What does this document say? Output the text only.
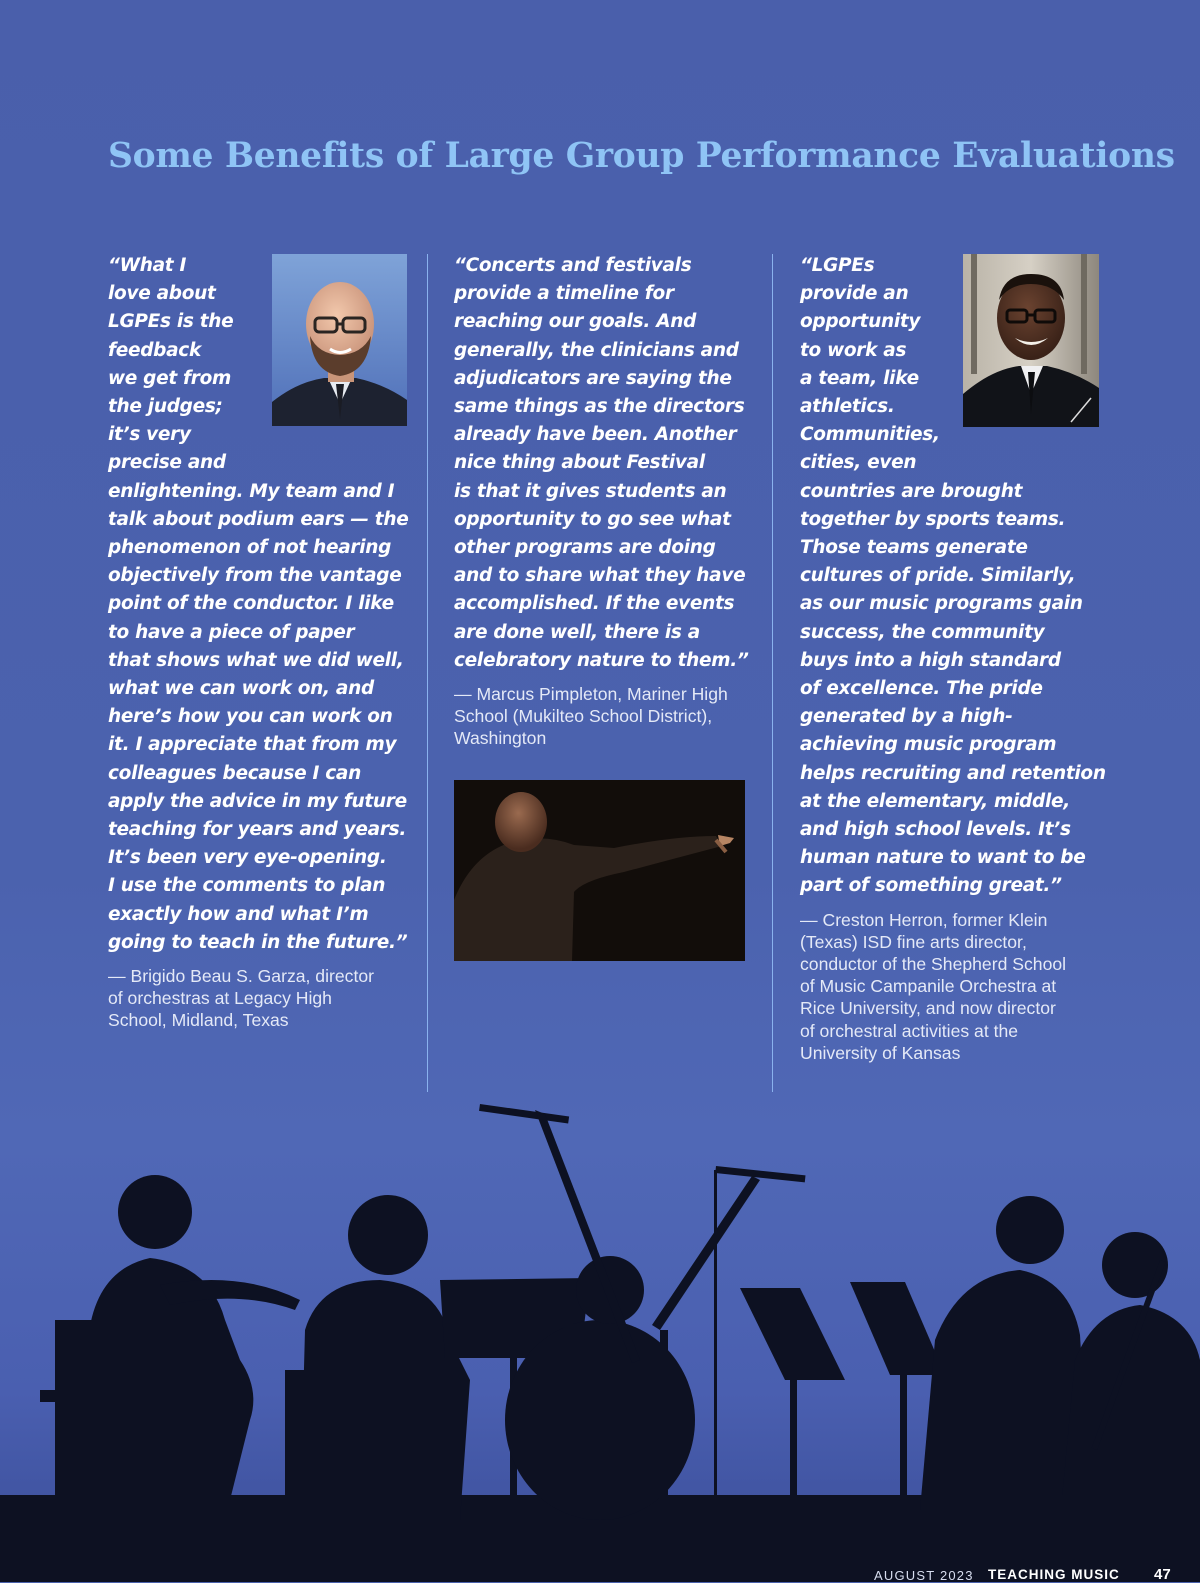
Some Benefits of Large Group Performance Evaluations
“What I
love about
LGPEs is the
feedback
we get from
the judges;
it’s very
precise and
enlightening. My team and I
talk about podium ears — the
phenomenon of not hearing
objectively from the vantage
point of the conductor. I like
to have a piece of paper
that shows what we did well,
what we can work on, and
here’s how you can work on
it. I appreciate that from my
colleagues because I can
apply the advice in my future
teaching for years and years.
It’s been very eye-opening.
I use the comments to plan
exactly how and what I’m
going to teach in the future.”
— Brigido Beau S. Garza, director
of orchestras at Legacy High
School, Midland, Texas
“Concerts and festivals
provide a timeline for
reaching our goals. And
generally, the clinicians and
adjudicators are saying the
same things as the directors
already have been. Another
nice thing about Festival
is that it gives students an
opportunity to go see what
other programs are doing
and to share what they have
accomplished. If the events
are done well, there is a
celebratory nature to them.”
— Marcus Pimpleton, Mariner High
School (Mukilteo School District),
Washington
“LGPEs
provide an
opportunity
to work as
a team, like
athletics.
Communities,
cities, even
countries are brought
together by sports teams.
Those teams generate
cultures of pride. Similarly,
as our music programs gain
success, the community
buys into a high standard
of excellence. The pride
generated by a high-
achieving music program
helps recruiting and retention
at the elementary, middle,
and high school levels. It’s
human nature to want to be
part of something great.”
— Creston Herron, former Klein
(Texas) ISD fine arts director,
conductor of the Shepherd School
of Music Campanile Orchestra at
Rice University, and now director
of orchestral activities at the
University of Kansas
AUGUST 2023 TEACHING MUSIC 47
